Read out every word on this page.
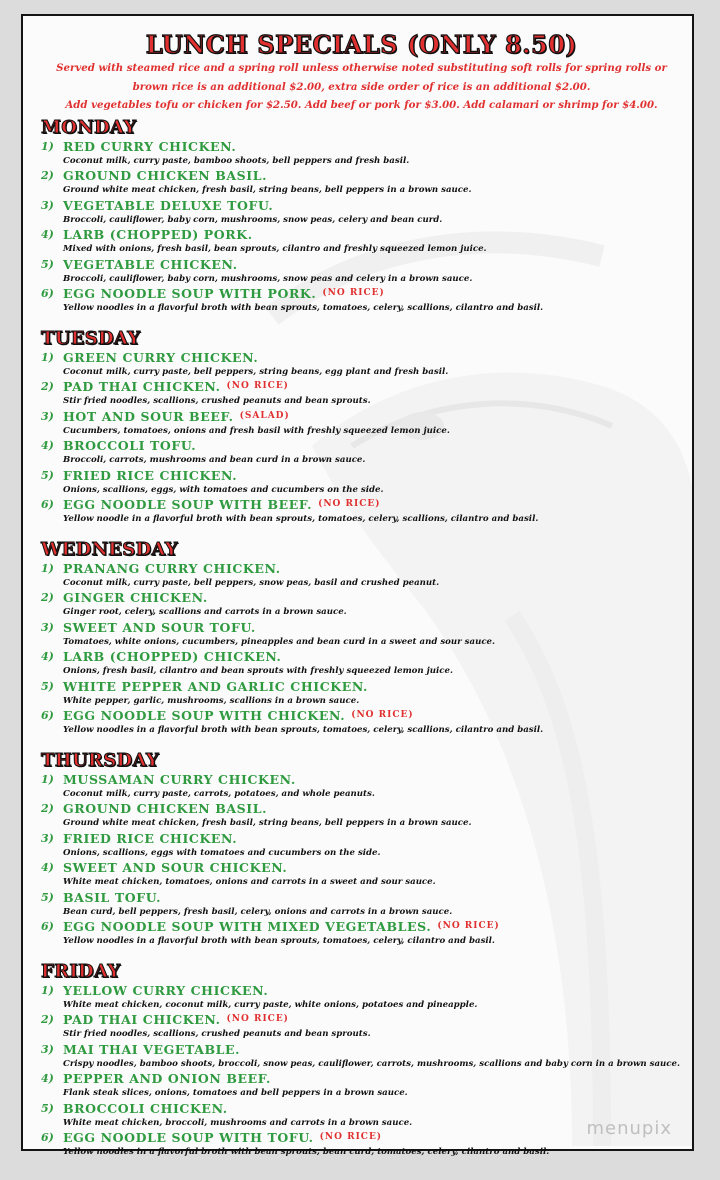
LUNCH SPECIALS (ONLY 8.50)
Served with steamed rice and a spring roll unless otherwise noted substituting soft rolls for spring rolls or
brown rice is an additional $2.00, extra side order of rice is an additional $2.00.
Add vegetables tofu or chicken for $2.50. Add beef or pork for $3.00. Add calamari or shrimp for $4.00.
MONDAY
1) RED CURRY CHICKEN.
Coconut milk, curry paste, bamboo shoots, bell peppers and fresh basil.
2) GROUND CHICKEN BASIL.
Ground white meat chicken, fresh basil, string beans, bell peppers in a brown sauce.
3) VEGETABLE DELUXE TOFU.
Broccoli, cauliflower, baby corn, mushrooms, snow peas, celery and bean curd.
4) LARB (CHOPPED) PORK.
Mixed with onions, fresh basil, bean sprouts, cilantro and freshly squeezed lemon juice.
5) VEGETABLE CHICKEN.
Broccoli, cauliflower, baby corn, mushrooms, snow peas and celery in a brown sauce.
6) EGG NOODLE SOUP WITH PORK. (NO RICE)
Yellow noodles in a flavorful broth with bean sprouts, tomatoes, celery, scallions, cilantro and basil.
TUESDAY
1) GREEN CURRY CHICKEN.
Coconut milk, curry paste, bell peppers, string beans, egg plant and fresh basil.
2) PAD THAI CHICKEN. (NO RICE)
Stir fried noodles, scallions, crushed peanuts and bean sprouts.
3) HOT AND SOUR BEEF. (SALAD)
Cucumbers, tomatoes, onions and fresh basil with freshly squeezed lemon juice.
4) BROCCOLI TOFU.
Broccoli, carrots, mushrooms and bean curd in a brown sauce.
5) FRIED RICE CHICKEN.
Onions, scallions, eggs, with tomatoes and cucumbers on the side.
6) EGG NOODLE SOUP WITH BEEF. (NO RICE)
Yellow noodle in a flavorful broth with bean sprouts, tomatoes, celery, scallions, cilantro and basil.
WEDNESDAY
1) PRANANG CURRY CHICKEN.
Coconut milk, curry paste, bell peppers, snow peas, basil and crushed peanut.
2) GINGER CHICKEN.
Ginger root, celery, scallions and carrots in a brown sauce.
3) SWEET AND SOUR TOFU.
Tomatoes, white onions, cucumbers, pineapples and bean curd in a sweet and sour sauce.
4) LARB (CHOPPED) CHICKEN.
Onions, fresh basil, cilantro and bean sprouts with freshly squeezed lemon juice.
5) WHITE PEPPER AND GARLIC CHICKEN.
White pepper, garlic, mushrooms, scallions in a brown sauce.
6) EGG NOODLE SOUP WITH CHICKEN. (NO RICE)
Yellow noodles in a flavorful broth with bean sprouts, tomatoes, celery, scallions, cilantro and basil.
THURSDAY
1) MUSSAMAN CURRY CHICKEN.
Coconut milk, curry paste, carrots, potatoes, and whole peanuts.
2) GROUND CHICKEN BASIL.
Ground white meat chicken, fresh basil, string beans, bell peppers in a brown sauce.
3) FRIED RICE CHICKEN.
Onions, scallions, eggs with tomatoes and cucumbers on the side.
4) SWEET AND SOUR CHICKEN.
White meat chicken, tomatoes, onions and carrots in a sweet and sour sauce.
5) BASIL TOFU.
Bean curd, bell peppers, fresh basil, celery, onions and carrots in a brown sauce.
6) EGG NOODLE SOUP WITH MIXED VEGETABLES. (NO RICE)
Yellow noodles in a flavorful broth with bean sprouts, tomatoes, celery, cilantro and basil.
FRIDAY
1) YELLOW CURRY CHICKEN.
White meat chicken, coconut milk, curry paste, white onions, potatoes and pineapple.
2) PAD THAI CHICKEN. (NO RICE)
Stir fried noodles, scallions, crushed peanuts and bean sprouts.
3) MAI THAI VEGETABLE.
Crispy noodles, bamboo shoots, broccoli, snow peas, cauliflower, carrots, mushrooms, scallions and baby corn in a brown sauce.
4) PEPPER AND ONION BEEF.
Flank steak slices, onions, tomatoes and bell peppers in a brown sauce.
5) BROCCOLI CHICKEN.
White meat chicken, broccoli, mushrooms and carrots in a brown sauce.
6) EGG NOODLE SOUP WITH TOFU. (NO RICE)
Yellow noodles in a flavorful broth with bean sprouts, bean curd, tomatoes, celery, cilantro and basil.
menupix
